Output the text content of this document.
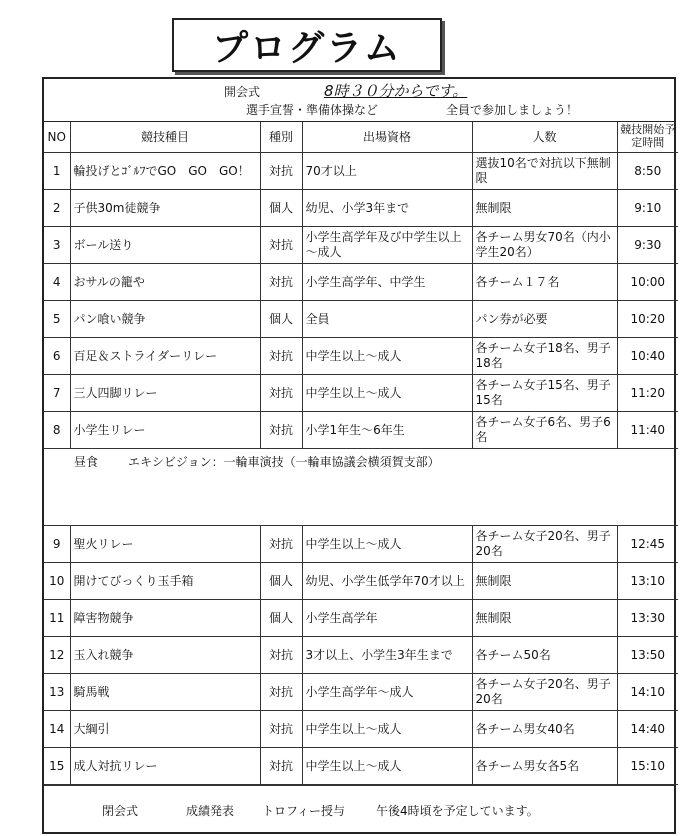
プログラム
開会式	8時３０分からです。
選手宣誓・準備体操など	全員で参加しましょう！
NO	競技種目	種別	出場資格	人数	競技開始予定時間
1	輪投げとｺﾞﾙﾌでGO　GO　GO！	対抗	70才以上	選抜10名で対抗以下無制限	8:50
2	子供30m徒競争	個人	幼児、小学3年まで	無制限	9:10
3	ボール送り	対抗	小学生高学年及び中学生以上～成人	各チーム男女70名（内小学生20名）	9:30
4	おサルの籠や	対抗	小学生高学年、中学生	各チーム１７名	10:00
5	パン喰い競争	個人	全員	パン券が必要	10:20
6	百足＆ストライダーリレー	対抗	中学生以上～成人	各チーム女子18名、男子18名	10:40
7	三人四脚リレー	対抗	中学生以上～成人	各チーム女子15名、男子15名	11:20
8	小学生リレー	対抗	小学1年生～6年生	各チーム女子6名、男子6名	11:40
昼食 エキシビジョン：一輪車演技（一輪車協議会横須賀支部）					
9	聖火リレー	対抗	中学生以上～成人	各チーム女子20名、男子20名	12:45
10	開けてびっくり玉手箱	個人	幼児、小学生低学年70才以上	無制限	13:10
11	障害物競争	個人	小学生高学年	無制限	13:30
12	玉入れ競争	対抗	3才以上、小学生3年生まで	各チーム50名	13:50
13	騎馬戦	対抗	小学生高学年～成人	各チーム女子20名、男子20名	14:10
14	大綱引	対抗	中学生以上～成人	各チーム男女40名	14:40
15	成人対抗リレー	対抗	中学生以上～成人	各チーム男女各5名	15:10
閉会式	成績発表 トロフィー授与	午後4時頃を予定しています。
